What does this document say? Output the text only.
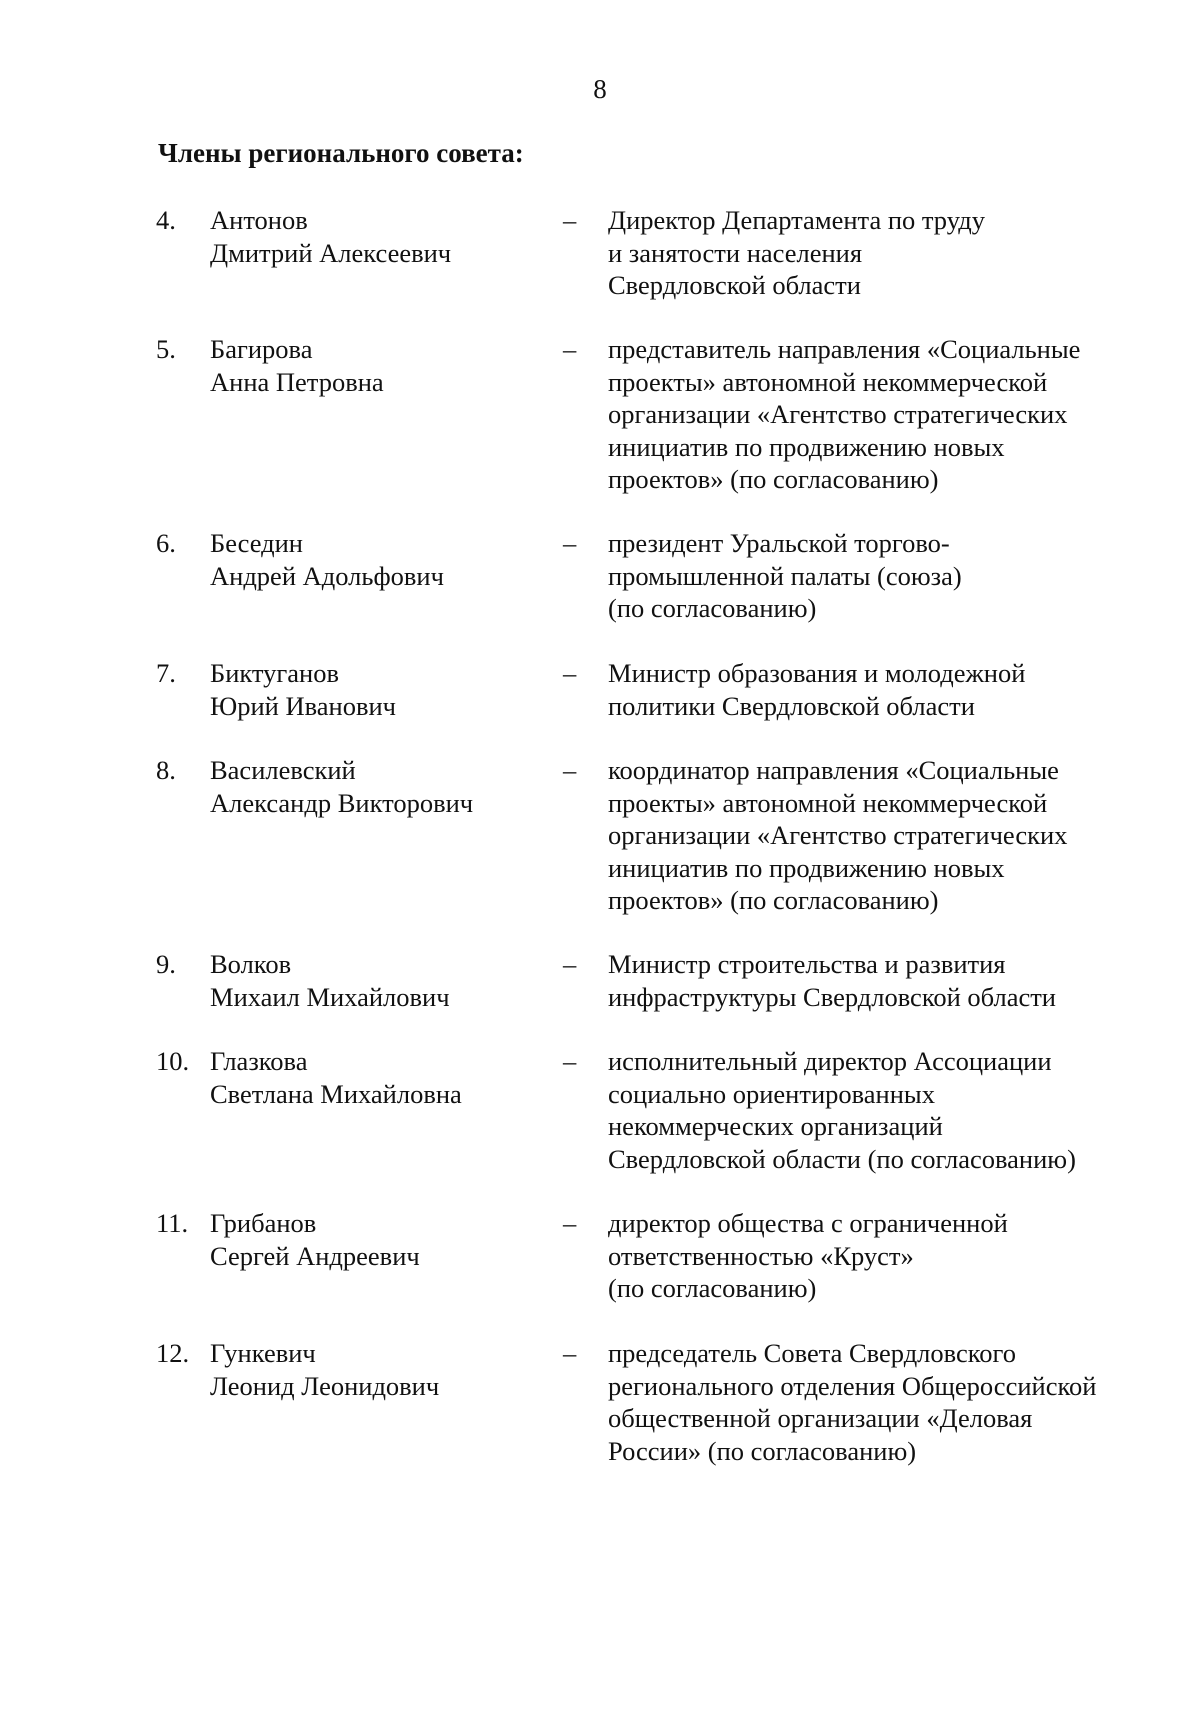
8
Члены регионального совета:
4. Антонов
Дмитрий Алексеевич
– Директор Департамента по труду
и занятости населения
Свердловской области
5. Багирова
Анна Петровна
– представитель направления «Социальные
проекты» автономной некоммерческой
организации «Агентство стратегических
инициатив по продвижению новых
проектов» (по согласованию)
6. Беседин
Андрей Адольфович
– президент Уральской торгово-
промышленной палаты (союза)
(по согласованию)
7. Биктуганов
Юрий Иванович
– Министр образования и молодежной
политики Свердловской области
8. Василевский
Александр Викторович
– координатор направления «Социальные
проекты» автономной некоммерческой
организации «Агентство стратегических
инициатив по продвижению новых
проектов» (по согласованию)
9. Волков
Михаил Михайлович
– Министр строительства и развития
инфраструктуры Свердловской области
10. Глазкова
Светлана Михайловна
– исполнительный директор Ассоциации
социально ориентированных
некоммерческих организаций
Свердловской области (по согласованию)
11. Грибанов
Сергей Андреевич
– директор общества с ограниченной
ответственностью «Круст»
(по согласованию)
12. Гункевич
Леонид Леонидович
– председатель Совета Свердловского
регионального отделения Общероссийской
общественной организации «Деловая
России» (по согласованию)
